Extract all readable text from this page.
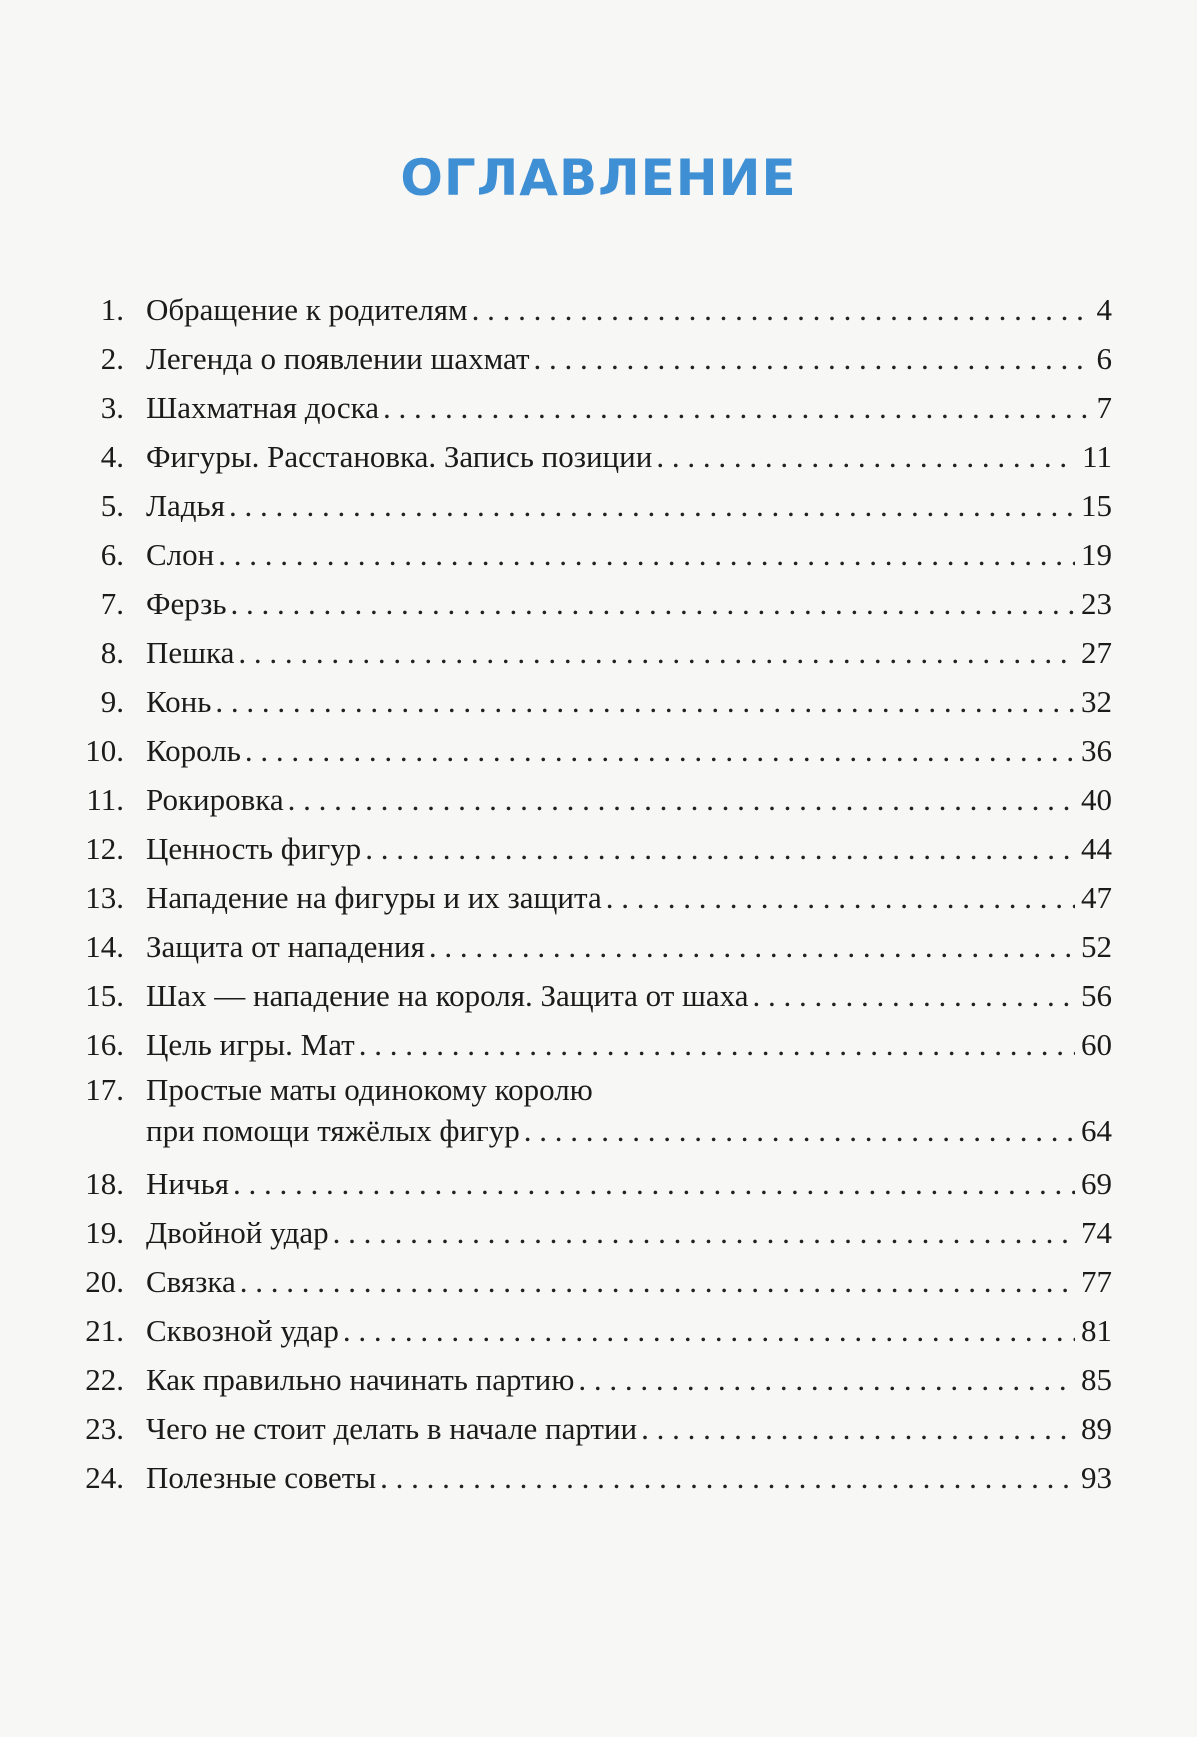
ОГЛАВЛЕНИЕ
1. Обращение к родителям . . .	4
2. Легенда о появлении шахмат . . .	6
3. Шахматная доска . . .	7
4. Фигуры. Расстановка. Запись позиции . . .	11
5. Ладья . . .	15
6. Слон . . .	19
7. Ферзь . . .	23
8. Пешка . . .	27
9. Конь . . .	32
10. Король . . .	36
11. Рокировка . . .	40
12. Ценность фигур . . .	44
13. Нападение на фигуры и их защита . . .	47
14. Защита от нападения . . .	52
15. Шах — нападение на короля. Защита от шаха . . .	56
16. Цель игры. Мат . . .	60
17. Простые маты одинокому королю
при помощи тяжёлых фигур . . .	64
18. Ничья . . .	69
19. Двойной удар . . .	74
20. Связка . . .	77
21. Сквозной удар . . .	81
22. Как правильно начинать партию . . .	85
23. Чего не стоит делать в начале партии . . .	89
24. Полезные советы . . .	93
